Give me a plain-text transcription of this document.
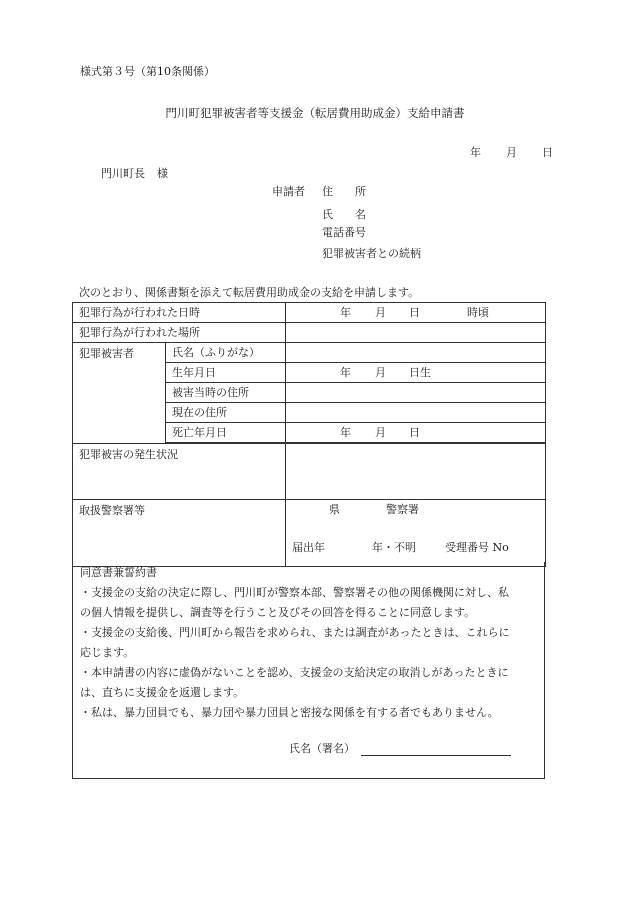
様式第３号（第10条関係）
門川町犯罪被害者等支援金（転居費用助成金）支給申請書
年 月 日
門川町長 様
申請者 住　　所
氏　　名
電話番号
犯罪被害者との続柄
次のとおり、関係書類を添えて転居費用助成金の支給を申請します。
犯罪行為が行われた日時		年 月 日 時頃

犯罪行為が行われた場所		
犯罪被害者	氏名（ふりがな）	
	生年月日	年 月 日生

	被害当時の住所	
	現在の住所	
	死亡年月日	年 月 日

犯罪被害の発生状況		
取扱警察署等		県 警察署
届出年 年・不明 受理番号 No
同意書兼誓約書
・支援金の支給の決定に際し、門川町が警察本部、警察署その他の関係機関に対し、私
の個人情報を提供し、調査等を行うこと及びその回答を得ることに同意します。
・支援金の支給後、門川町から報告を求められ、または調査があったときは、これらに
応じます。
・本申請書の内容に虚偽がないことを認め、支援金の支給決定の取消しがあったときに
は、直ちに支援金を返還します。
・私は、暴力団員でも、暴力団や暴力団員と密接な関係を有する者でもありません。
氏名（署名）
